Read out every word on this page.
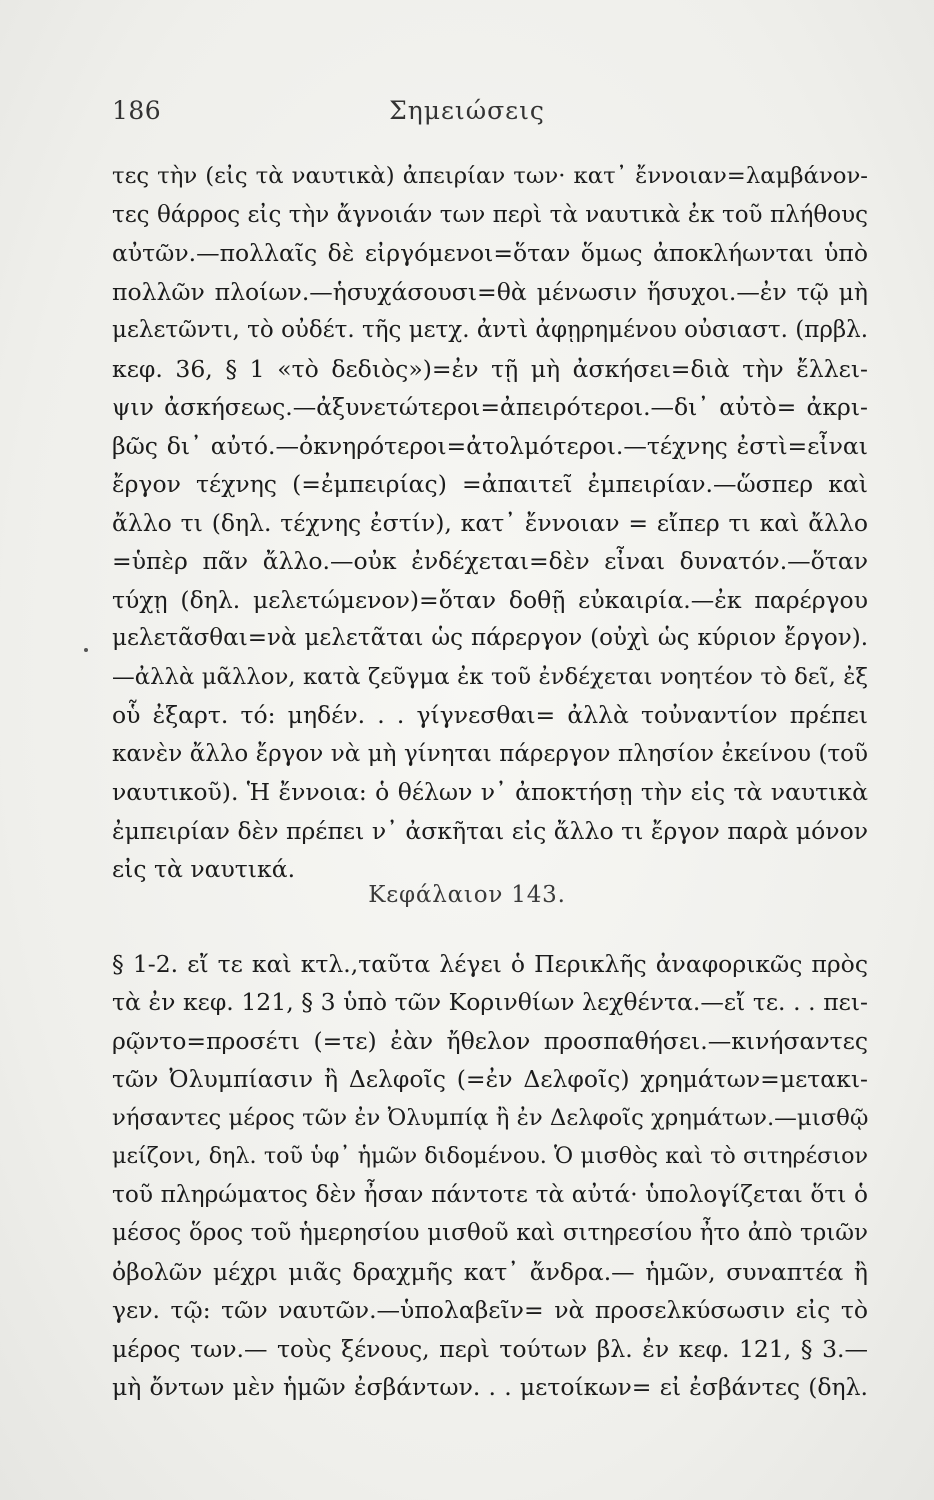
186	Σημειώσεις
τες τὴν (εἰς τὰ ναυτικὰ) ἀπειρίαν των· κατ᾽ ἔννοιαν=λαμβάνον-
τες θάρρος εἰς τὴν ἄγνοιάν των περὶ τὰ ναυτικὰ ἐκ τοῦ πλήθους
αὐτῶν.—πολλαῖς δὲ εἰργόμενοι=ὅταν ὅμως ἀποκλήωνται ὑπὸ
πολλῶν πλοίων.—ἡσυχάσουσι=θὰ μένωσιν ἥσυχοι.—ἐν τῷ μὴ
μελετῶντι, τὸ οὐδέτ. τῆς μετχ. ἀντὶ ἀφῃρημένου οὐσιαστ. (πρβλ.
κεφ. 36, § 1 «τὸ δεδιὸς»)=ἐν τῇ μὴ ἀσκήσει=διὰ τὴν ἔλλει-
ψιν ἀσκήσεως.—ἀξυνετώτεροι=ἀπειρότεροι.—δι᾽ αὐτὸ= ἀκρι-
βῶς δι᾽ αὐτό.—ὀκνηρότεροι=ἀτολμότεροι.—τέχνης ἐστὶ=εἶναι
ἔργον τέχνης (=ἐμπειρίας) =ἀπαιτεῖ ἐμπειρίαν.—ὥσπερ καὶ
ἄλλο τι (δηλ. τέχνης ἐστίν), κατ᾽ ἔννοιαν = εἴπερ τι καὶ ἄλλο
=ὑπὲρ πᾶν ἄλλο.—οὐκ ἐνδέχεται=δὲν εἶναι δυνατόν.—ὅταν
τύχῃ (δηλ. μελετώμενον)=ὅταν δοθῇ εὐκαιρία.—ἐκ παρέργου
μελετᾶσθαι=νὰ μελετᾶται ὡς πάρεργον (οὐχὶ ὡς κύριον ἔργον).
—ἀλλὰ μᾶλλον, κατὰ ζεῦγμα ἐκ τοῦ ἐνδέχεται νοητέον τὸ δεῖ, ἐξ
οὗ ἐξαρτ. τό: μηδέν. . . γίγνεσθαι= ἀλλὰ τοὐναντίον πρέπει
κανὲν ἄλλο ἔργον νὰ μὴ γίνηται πάρεργον πλησίον ἐκείνου (τοῦ
ναυτικοῦ). Ἡ ἔννοια: ὁ θέλων ν᾽ ἀποκτήσῃ τὴν εἰς τὰ ναυτικὰ
ἐμπειρίαν δὲν πρέπει ν᾽ ἀσκῆται εἰς ἄλλο τι ἔργον παρὰ μόνον
εἰς τὰ ναυτικά.
Κεφάλαιον 143.
§ 1-2. εἴ τε καὶ κτλ.,ταῦτα λέγει ὁ Περικλῆς ἀναφορικῶς πρὸς
τὰ ἐν κεφ. 121, § 3 ὑπὸ τῶν Κορινθίων λεχθέντα.—εἴ τε. . . πει-
ρῷντο=προσέτι (=τε) ἐὰν ἤθελον προσπαθήσει.—κινήσαντες
τῶν Ὀλυμπίασιν ἢ Δελφοῖς (=ἐν Δελφοῖς) χρημάτων=μετακι-
νήσαντες μέρος τῶν ἐν Ὀλυμπίᾳ ἢ ἐν Δελφοῖς χρημάτων.—μισθῷ
μείζονι, δηλ. τοῦ ὑφ᾽ ἡμῶν διδομένου. Ὁ μισθὸς καὶ τὸ σιτηρέσιον
τοῦ πληρώματος δὲν ἦσαν πάντοτε τὰ αὐτά· ὑπολογίζεται ὅτι ὁ
μέσος ὅρος τοῦ ἡμερησίου μισθοῦ καὶ σιτηρεσίου ἦτο ἀπὸ τριῶν
ὀβολῶν μέχρι μιᾶς δραχμῆς κατ᾽ ἄνδρα.— ἡμῶν, συναπτέα ἢ
γεν. τῷ: τῶν ναυτῶν.—ὑπολαβεῖν= νὰ προσελκύσωσιν εἰς τὸ
μέρος των.— τοὺς ξένους, περὶ τούτων βλ. ἐν κεφ. 121, § 3.—
μὴ ὄντων μὲν ἡμῶν ἐσβάντων. . . μετοίκων= εἰ ἐσβάντες (δηλ.
